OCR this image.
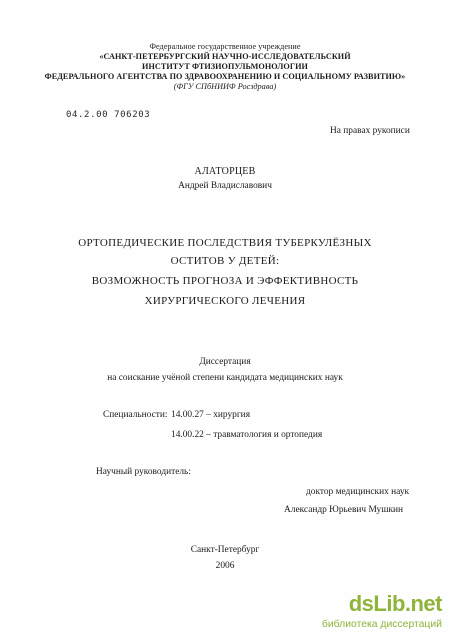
Федеральное государственное учреждение
«САНКТ-ПЕТЕРБУРГСКИЙ НАУЧНО-ИССЛЕДОВАТЕЛЬСКИЙ
ИНСТИТУТ ФТИЗИОПУЛЬМОНОЛОГИИ
ФЕДЕРАЛЬНОГО АГЕНТСТВА ПО ЗДРАВООХРАНЕНИЮ И СОЦИАЛЬНОМУ РАЗВИТИЮ»
(ФГУ СПбНИИФ Росздрава)
04.2.00 706203
На правах рукописи
АЛАТОРЦЕВ
Андрей Владиславович
ОРТОПЕДИЧЕСКИЕ ПОСЛЕДСТВИЯ ТУБЕРКУЛЁЗНЫХ
ОСТИТОВ У ДЕТЕЙ:
ВОЗМОЖНОСТЬ ПРОГНОЗА И ЭФФЕКТИВНОСТЬ
ХИРУРГИЧЕСКОГО ЛЕЧЕНИЯ
Диссертация
на соискание учёной степени кандидата медицинских наук
Специальности: 14.00.27 – хирургия
14.00.22 – травматология и ортопедия
Научный руководитель:
доктор медицинских наук
Александр Юрьевич Мушкин
Санкт-Петербург
2006
dsLib.net
библиотека диссертаций
